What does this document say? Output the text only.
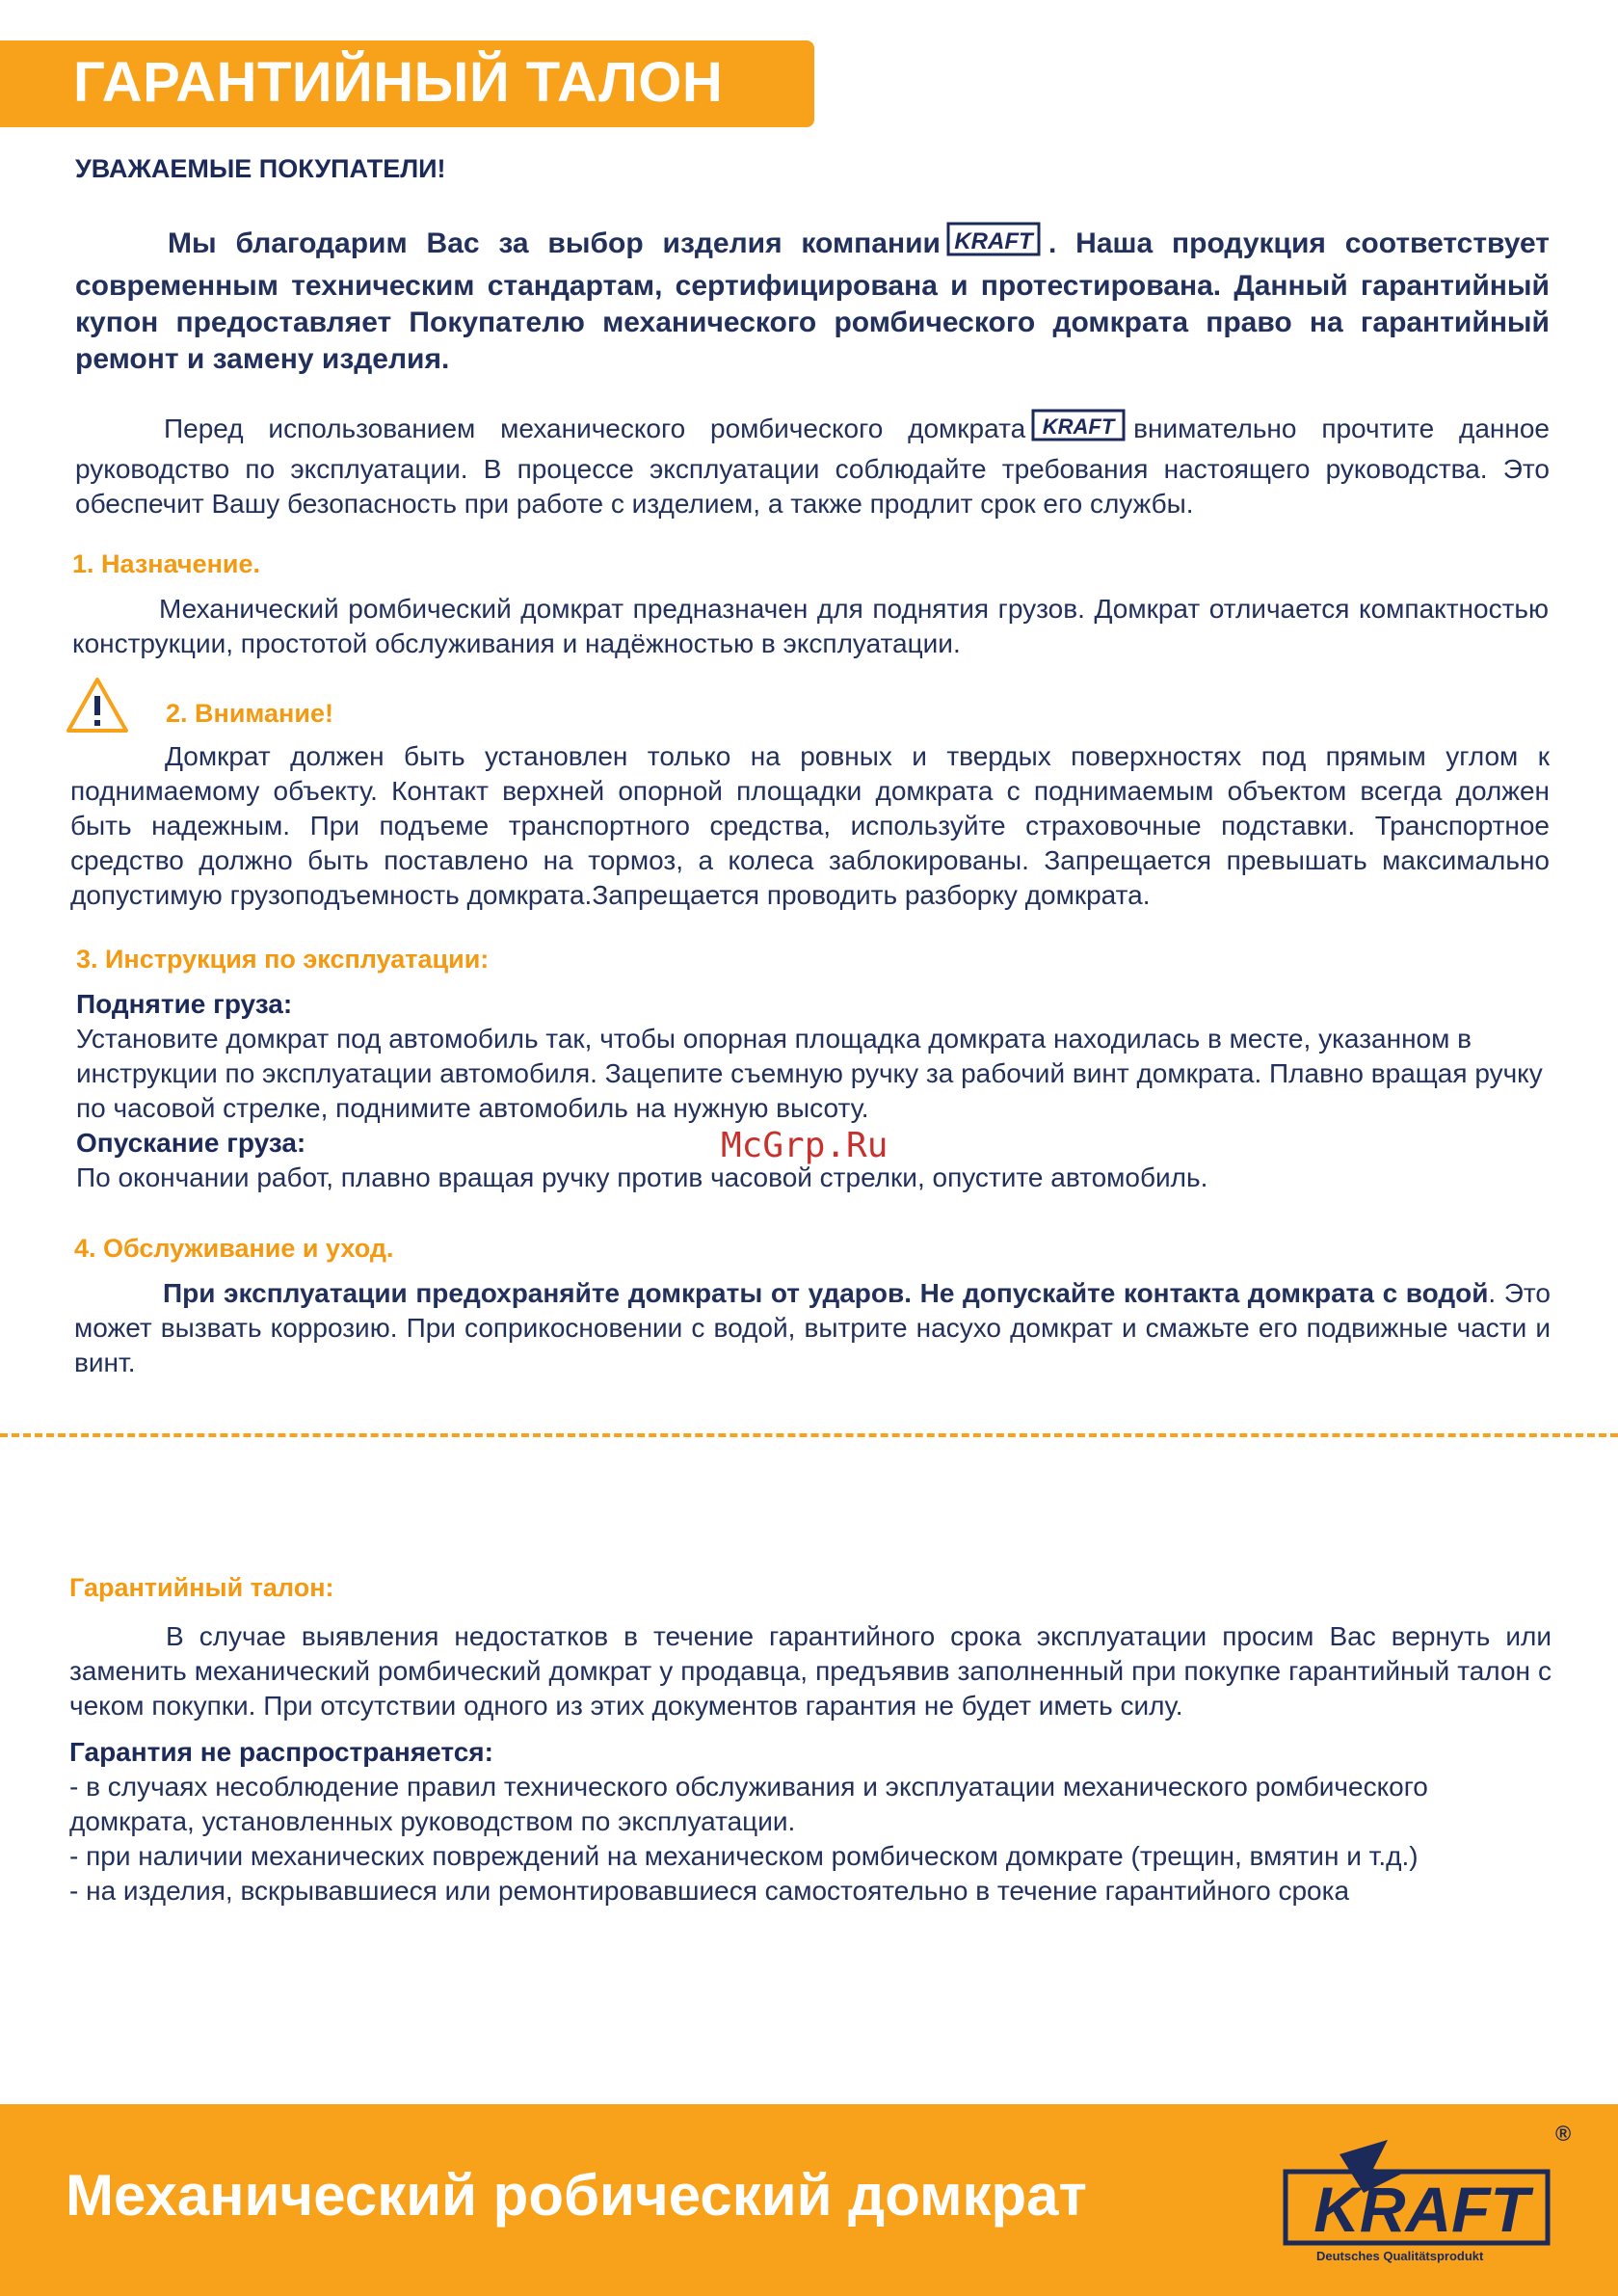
ГАРАНТИЙНЫЙ ТАЛОН

УВАЖАЕМЫЕ ПОКУПАТЕЛИ!

Мы благодарим Вас за выбор изделия компании KRAFT . Наша продукция соответствует современным техническим стандартам, сертифицирована и протестирована. Данный гарантийный купон предоставляет Покупателю механического ромбического домкрата право на гарантийный ремонт и замену изделия.

Перед использованием механического ромбического домкрата KRAFT внимательно прочтите данное руководство по эксплуатации. В процессе эксплуатации соблюдайте требования настоящего руководства. Это обеспечит Вашу безопасность при работе с изделием, а также продлит срок его службы.

1. Назначение.

Механический ромбический домкрат предназначен для поднятия грузов. Домкрат отличается компактностью конструкции, простотой обслуживания и надёжностью в эксплуатации.

2. Внимание!

Домкрат должен быть установлен только на ровных и твердых поверхностях под прямым углом к поднимаемому объекту. Контакт верхней опорной площадки домкрата с поднимаемым объектом всегда должен быть надежным. При подъеме транспортного средства, используйте страховочные подставки. Транспортное средство должно быть поставлено на тормоз, а колеса заблокированы. Запрещается превышать максимально допустимую грузоподъемность домкрата.Запрещается проводить разборку домкрата.

3. Инструкция по эксплуатации:

Поднятие груза:
Установите домкрат под автомобиль так, чтобы опорная площадка домкрата находилась в месте, указанном в инструкции по эксплуатации автомобиля. Зацепите съемную ручку за рабочий винт домкрата. Плавно вращая ручку по часовой стрелке, поднимите автомобиль на нужную высоту.
Опускание груза:
По окончании работ, плавно вращая ручку против часовой стрелки, опустите автомобиль.

McGrp.Ru

4. Обслуживание и уход.

При эксплуатации предохраняйте домкраты от ударов. Не допускайте контакта домкрата с водой. Это может вызвать коррозию. При соприкосновении с водой, вытрите насухо домкрат и смажьте его подвижные части и винт.

Гарантийный талон:

В случае выявления недостатков в течение гарантийного срока эксплуатации просим Вас вернуть или заменить механический ромбический домкрат у продавца, предъявив заполненный при покупке гарантийный талон с чеком покупки. При отсутствии одного из этих документов гарантия не будет иметь силу.

Гарантия не распространяется:
- в случаях несоблюдение правил технического обслуживания и эксплуатации механического ромбического домкрата, установленных руководством по эксплуатации.
- при наличии механических повреждений на механическом ромбическом домкрате (трещин, вмятин и т.д.)
- на изделия, вскрывавшиеся или ремонтировавшиеся самостоятельно в течение гарантийного срока

Механический робический домкрат	KRAFT
®
Deutsches Qualitätsprodukt
